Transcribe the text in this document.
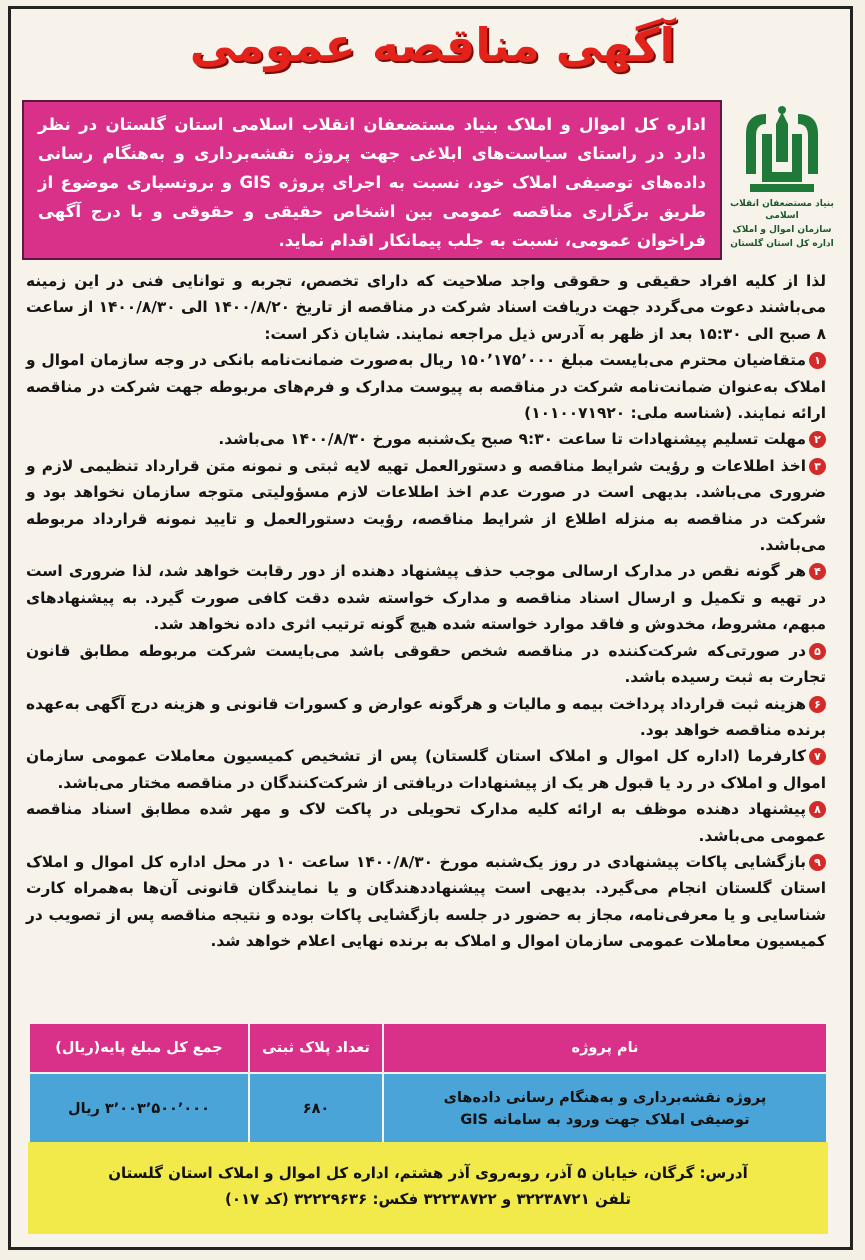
آگهی مناقصه عمومی
اداره کل اموال و املاک بنیاد مستضعفان انقلاب اسلامی استان گلستان در نظر دارد در راستای سیاست‌های ابلاغی جهت پروژه نقشه‌برداری و به‌هنگام رسانی داده‌های توصیفی املاک خود، نسبت به اجرای پروژه GIS و برونسپاری موضوع از طریق برگزاری مناقصه عمومی بین اشخاص حقیقی و حقوقی و با درج آگهی فراخوان عمومی، نسبت به جلب پیمانکار اقدام نماید.
بنیاد مستضعفان انقلاب اسلامی
سازمان اموال و املاک
اداره کل استان گلستان

لذا از کلیه افراد حقیقی و حقوقی واجد صلاحیت که دارای تخصص، تجربه و توانایی فنی در این زمینه می‌باشند دعوت می‌گردد جهت دریافت اسناد شرکت در مناقصه از تاریخ ۱۴۰۰/۸/۲۰ الی ۱۴۰۰/۸/۳۰ از ساعت ۸ صبح الی ۱۵:۳۰ بعد از ظهر به آدرس ذیل مراجعه نمایند. شایان ذکر است:

۱متقاضیان محترم می‌بایست مبلغ ۱۵۰٬۱۷۵٬۰۰۰ ریال به‌صورت ضمانت‌نامه بانکی در وجه سازمان اموال و املاک به‌عنوان ضمانت‌نامه شرکت در مناقصه به پیوست مدارک و فرم‌های مربوطه جهت شرکت در مناقصه ارائه نمایند. (شناسه ملی: ۱۰۱۰۰۷۱۹۲۰)

۲مهلت تسلیم پیشنهادات تا ساعت ۹:۳۰ صبح یک‌شنبه مورخ ۱۴۰۰/۸/۳۰ می‌باشد.

۳اخذ اطلاعات و رؤیت شرایط مناقصه و دستورالعمل تهیه لایه ثبتی و نمونه متن قرارداد تنظیمی لازم و ضروری می‌باشد. بدیهی است در صورت عدم اخذ اطلاعات لازم مسؤولیتی متوجه سازمان نخواهد بود و شرکت در مناقصه به منزله اطلاع از شرایط مناقصه، رؤیت دستورالعمل و تایید نمونه قرارداد مربوطه می‌باشد.

۴هر گونه نقص در مدارک ارسالی موجب حذف پیشنهاد دهنده از دور رقابت خواهد شد، لذا ضروری است در تهیه و تکمیل و ارسال اسناد مناقصه و مدارک خواسته شده دقت کافی صورت گیرد. به پیشنهادهای مبهم، مشروط، مخدوش و فاقد موارد خواسته شده هیچ گونه ترتیب اثری داده نخواهد شد.

۵در صورتی‌که شرکت‌کننده در مناقصه شخص حقوقی باشد می‌بایست شرکت مربوطه مطابق قانون تجارت به ثبت رسیده باشد.

۶هزینه ثبت قرارداد پرداخت بیمه و مالیات و هرگونه عوارض و کسورات قانونی و هزینه درج آگهی به‌عهده برنده مناقصه خواهد بود.

۷کارفرما (اداره کل اموال و املاک استان گلستان) پس از تشخیص کمیسیون معاملات عمومی سازمان اموال و املاک در رد یا قبول هر یک از پیشنهادات دریافتی از شرکت‌کنندگان در مناقصه مختار می‌باشد.

۸پیشنهاد دهنده موظف به ارائه کلیه مدارک تحویلی در پاکت لاک و مهر شده مطابق اسناد مناقصه عمومی می‌باشد.

۹بازگشایی پاکات پیشنهادی در روز یک‌شنبه مورخ ۱۴۰۰/۸/۳۰ ساعت ۱۰ در محل اداره کل اموال و املاک استان گلستان انجام می‌گیرد. بدیهی است پیشنهاددهندگان و یا نمایندگان قانونی آن‌ها به‌همراه کارت شناسایی و یا معرفی‌نامه، مجاز به حضور در جلسه بازگشایی پاکات بوده و نتیجه مناقصه پس از تصویب در کمیسیون معاملات عمومی سازمان اموال و املاک به برنده نهایی اعلام خواهد شد.

نام پروژه	تعداد پلاک ثبتی	جمع کل مبلغ پایه(ریال)

پروژه نقشه‌برداری و به‌هنگام رسانی داده‌های
توصیفی املاک جهت ورود به سامانه GIS	۶۸۰	۳٬۰۰۳٬۵۰۰٬۰۰۰ ریال
آدرس: گرگان، خیابان ۵ آذر، روبه‌روی آذر هشتم، اداره کل اموال و املاک استان گلستان
تلفن ۳۲۲۳۸۷۲۱ و ۳۲۲۳۸۷۲۲ فکس: ۳۲۲۲۹۶۳۶ (کد ۰۱۷)
